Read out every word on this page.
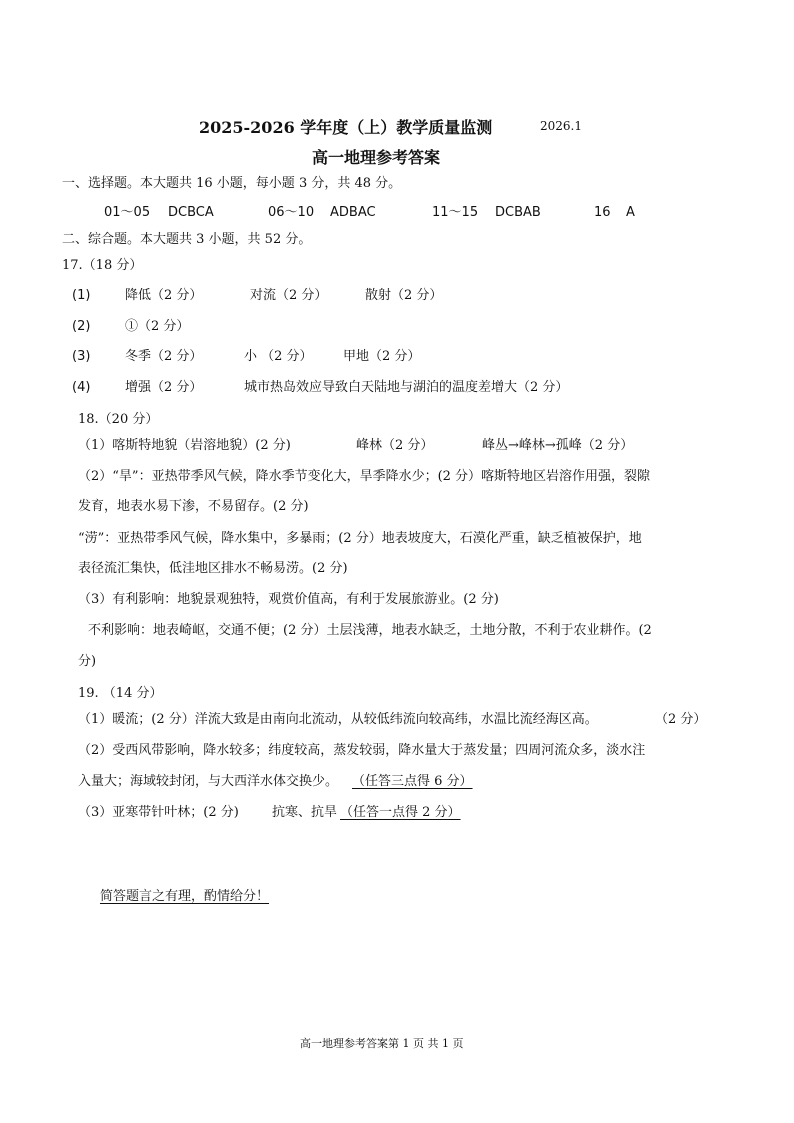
2025-2026 学年度（上）教学质量监测	2026.1
高一地理参考答案
一、选择题。本大题共 16 小题，每小题 3 分，共 48 分。
01～05 DCBCA	06～10 ADBAC	11～15 DCBAB	16 A
二、综合题。本大题共 3 小题，共 52 分。
17.（18 分）
(1)	降低（2 分）	对流（2 分）	散射（2 分）
(2)	①（2 分）
(3)	冬季（2 分）	小 （2 分） 甲地（2 分）
(4)	增强（2 分）	城市热岛效应导致白天陆地与湖泊的温度差增大（2 分）
18.（20 分）
（1）喀斯特地貌（岩溶地貌）(2 分)	峰林（2 分）	峰丛→峰林→孤峰（2 分）
（2）“旱”：亚热带季风气候，降水季节变化大，旱季降水少；(2 分）喀斯特地区岩溶作用强，裂隙
发育，地表水易下渗，不易留存。(2 分)
“涝”：亚热带季风气候，降水集中，多暴雨；(2 分）地表坡度大，石漠化严重，缺乏植被保护，地
表径流汇集快，低洼地区排水不畅易涝。(2 分)
（3）有利影响：地貌景观独特，观赏价值高，有利于发展旅游业。(2 分)
不利影响：地表崎岖，交通不便；(2 分）土层浅薄，地表水缺乏，土地分散，不利于农业耕作。(2
分)
19. （14 分）
（1）暖流；(2 分）洋流大致是由南向北流动，从较低纬流向较高纬，水温比流经海区高。	（2 分）
（2）受西风带影响，降水较多；纬度较高，蒸发较弱，降水量大于蒸发量；四周河流众多，淡水注
入量大；海域较封闭，与大西洋水体交换少。 （任答三点得 6 分）
（3）亚寒带针叶林；(2 分)	抗寒、抗旱 （任答一点得 2 分）
简答题言之有理，酌情给分！
高一地理参考答案第 1 页 共 1 页
